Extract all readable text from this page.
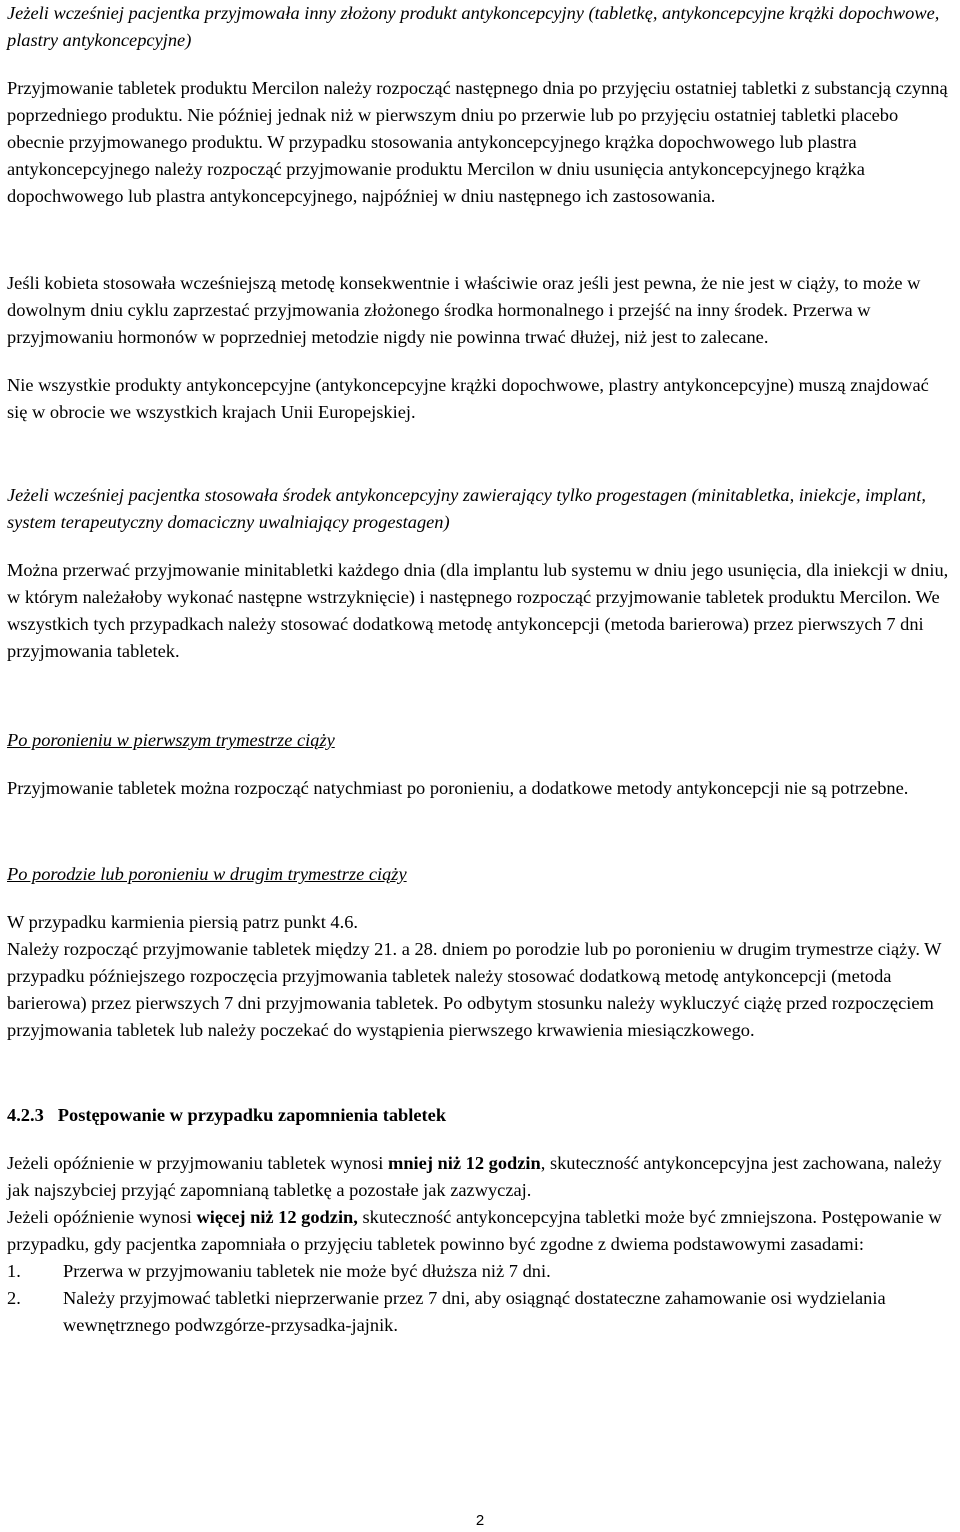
Jeżeli wcześniej pacjentka przyjmowała inny złożony produkt antykoncepcyjny (tabletkę, antykoncepcyjne krążki dopochwowe, plastry antykoncepcyjne)

Przyjmowanie tabletek produktu Mercilon należy rozpocząć następnego dnia po przyjęciu ostatniej tabletki z substancją czynną poprzedniego produktu. Nie później jednak niż w pierwszym dniu po przerwie lub po przyjęciu ostatniej tabletki placebo obecnie przyjmowanego produktu. W przypadku stosowania antykoncepcyjnego krążka dopochwowego lub plastra antykoncepcyjnego należy rozpocząć przyjmowanie produktu Mercilon w dniu usunięcia antykoncepcyjnego krążka dopochwowego lub plastra antykoncepcyjnego, najpóźniej w dniu następnego ich zastosowania.

Jeśli kobieta stosowała wcześniejszą metodę konsekwentnie i właściwie oraz jeśli jest pewna, że nie jest w ciąży, to może w dowolnym dniu cyklu zaprzestać przyjmowania złożonego środka hormonalnego i przejść na inny środek. Przerwa w przyjmowaniu hormonów w poprzedniej metodzie nigdy nie powinna trwać dłużej, niż jest to zalecane.

Nie wszystkie produkty antykoncepcyjne (antykoncepcyjne krążki dopochwowe, plastry antykoncepcyjne) muszą znajdować się w obrocie we wszystkich krajach Unii Europejskiej.

Jeżeli wcześniej pacjentka stosowała środek antykoncepcyjny zawierający tylko progestagen (minitabletka, iniekcje, implant, system terapeutyczny domaciczny uwalniający progestagen)

Można przerwać przyjmowanie minitabletki każdego dnia (dla implantu lub systemu w dniu jego usunięcia, dla iniekcji w dniu, w którym należałoby wykonać następne wstrzyknięcie) i następnego rozpocząć przyjmowanie tabletek produktu Mercilon. We wszystkich tych przypadkach należy stosować dodatkową metodę antykoncepcji (metoda barierowa) przez pierwszych 7 dni przyjmowania tabletek.

Po poronieniu w pierwszym trymestrze ciąży

Przyjmowanie tabletek można rozpocząć natychmiast po poronieniu, a dodatkowe metody antykoncepcji nie są potrzebne.

Po porodzie lub poronieniu w drugim trymestrze ciąży

W przypadku karmienia piersią patrz punkt 4.6.

Należy rozpocząć przyjmowanie tabletek między 21. a 28. dniem po porodzie lub po poronieniu w drugim trymestrze ciąży. W przypadku późniejszego rozpoczęcia przyjmowania tabletek należy stosować dodatkową metodę antykoncepcji (metoda barierowa) przez pierwszych 7 dni przyjmowania tabletek. Po odbytym stosunku należy wykluczyć ciążę przed rozpoczęciem przyjmowania tabletek lub należy poczekać do wystąpienia pierwszego krwawienia miesiączkowego.

4.2.3 Postępowanie w przypadku zapomnienia tabletek

Jeżeli opóźnienie w przyjmowaniu tabletek wynosi mniej niż 12 godzin, skuteczność antykoncepcyjna jest zachowana, należy jak najszybciej przyjąć zapomnianą tabletkę a pozostałe jak zazwyczaj.

Jeżeli opóźnienie wynosi więcej niż 12 godzin, skuteczność antykoncepcyjna tabletki może być zmniejszona. Postępowanie w przypadku, gdy pacjentka zapomniała o przyjęciu tabletek powinno być zgodne z dwiema podstawowymi zasadami:

1. Przerwa w przyjmowaniu tabletek nie może być dłuższa niż 7 dni.
2. Należy przyjmować tabletki nieprzerwanie przez 7 dni, aby osiągnąć dostateczne zahamowanie osi wydzielania wewnętrznego podwzgórze-przysadka-jajnik.
2
